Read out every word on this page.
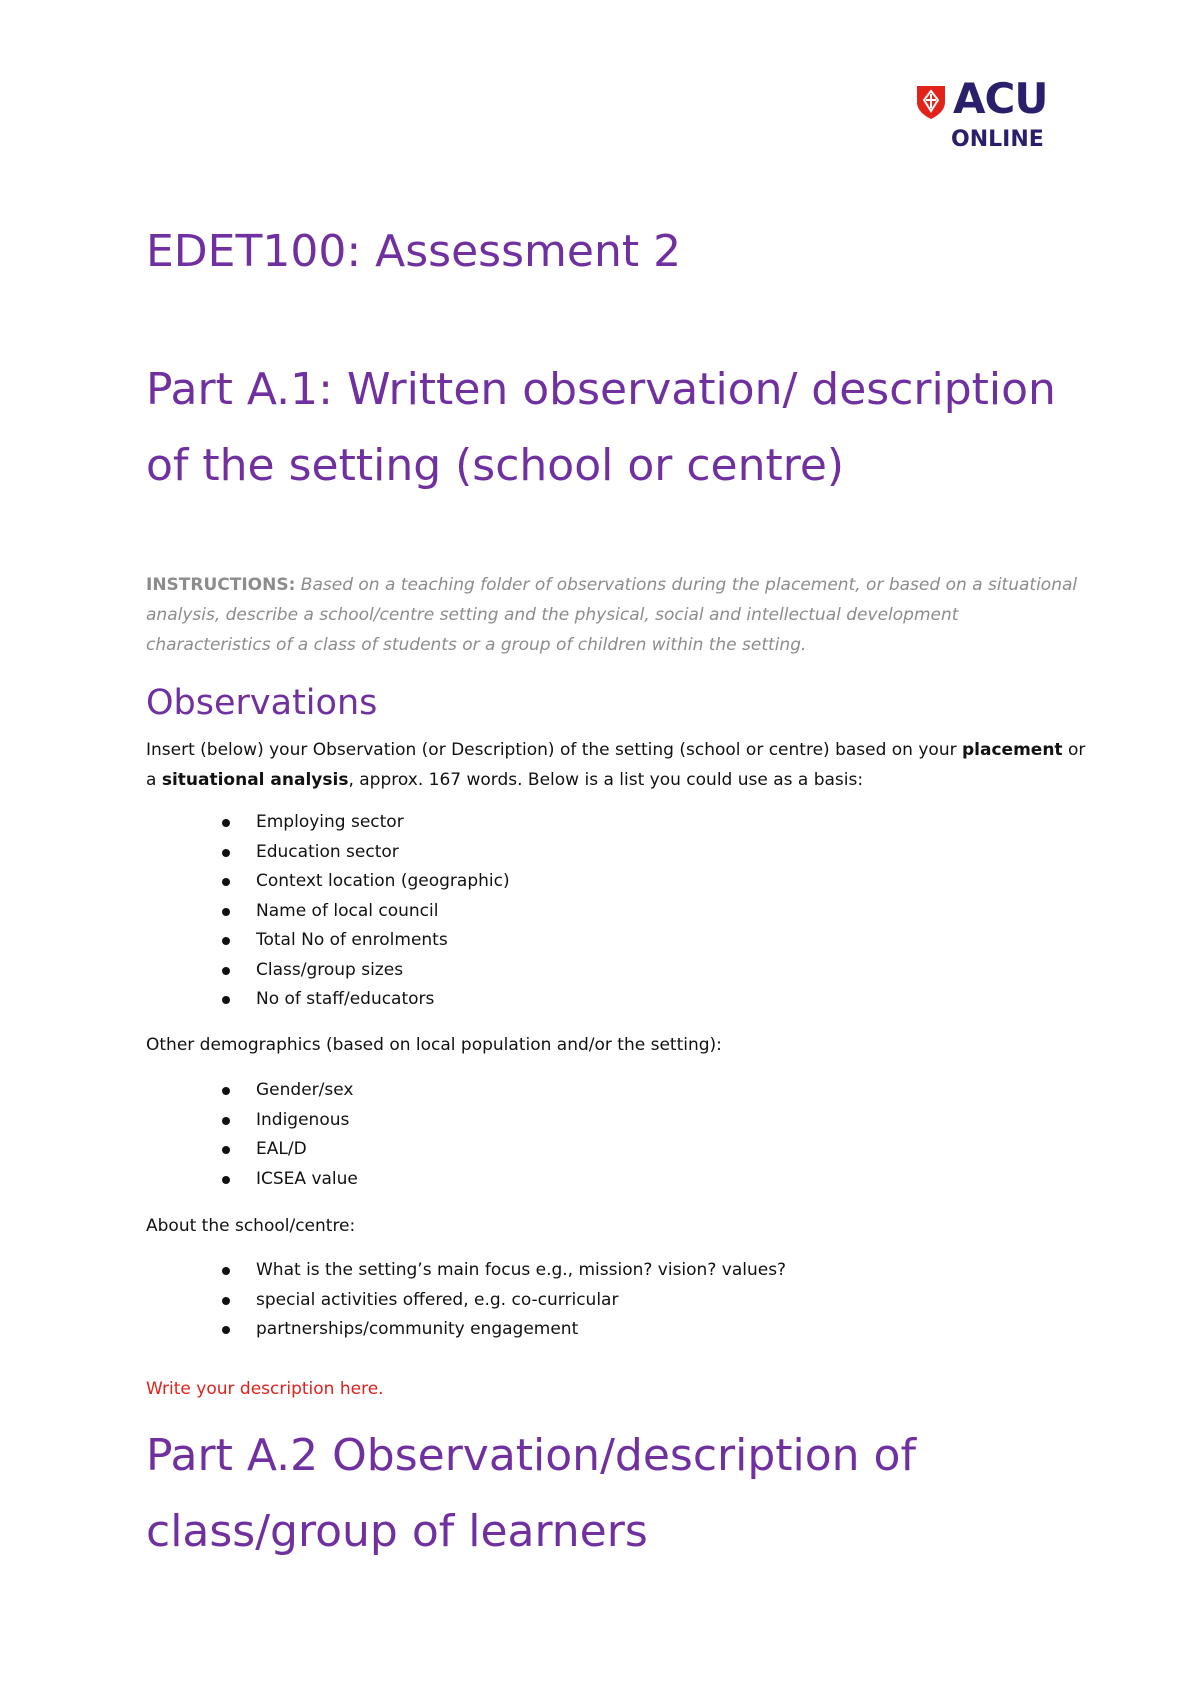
ACU
ONLINE
EDET100: Assessment 2
Part A.1: Written observation/ description of the setting (school or centre)

INSTRUCTIONS: Based on a teaching folder of observations during the placement, or based on a situational analysis, describe a school/centre setting and the physical, social and intellectual development characteristics of a class of students or a group of children within the setting.

Observations

Insert (below) your Observation (or Description) of the setting (school or centre) based on your placement or a situational analysis, approx. 167 words. Below is a list you could use as a basis:

Employing sector
Education sector
Context location (geographic)
Name of local council
Total No of enrolments
Class/group sizes
No of staff/educators

Other demographics (based on local population and/or the setting):

Gender/sex
Indigenous
EAL/D
ICSEA value

About the school/centre:

What is the setting’s main focus e.g., mission? vision? values?
special activities offered, e.g. co-curricular
partnerships/community engagement

Write your description here.

Part A.2 Observation/description of class/group of learners
